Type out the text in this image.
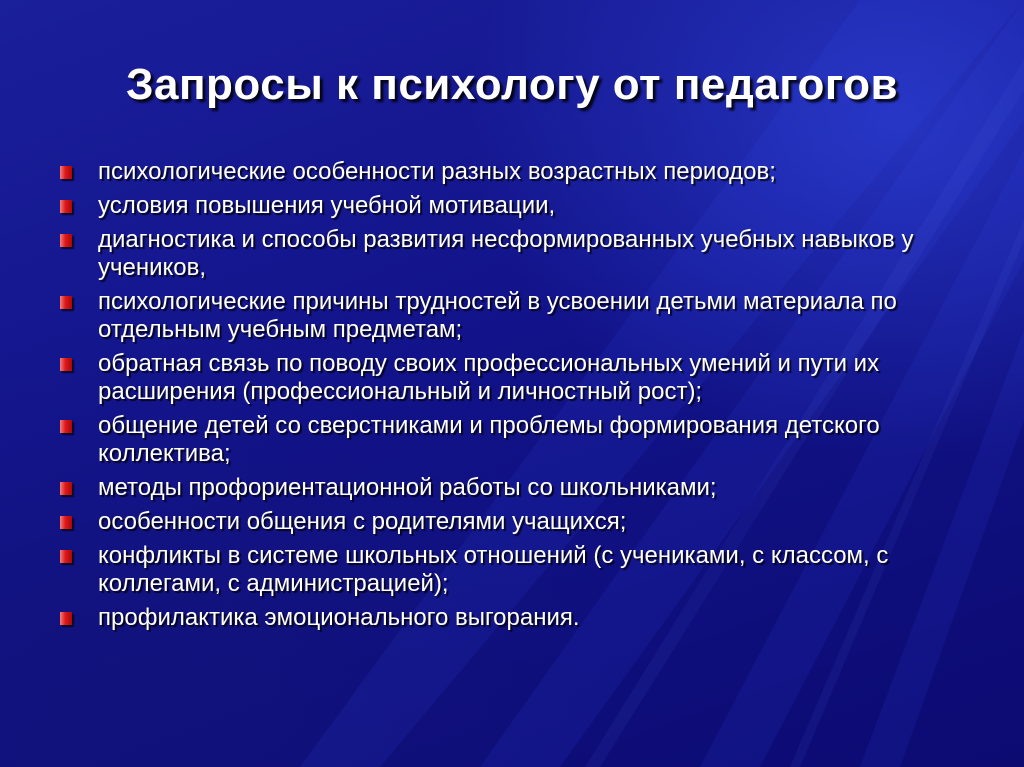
Запросы к психологу от педагогов
психологические особенности разных возрастных периодов;
условия повышения учебной мотивации,
диагностика и способы развития несформированных учебных навыков у учеников,
психологические причины трудностей в усвоении детьми материала по отдельным учебным предметам;
обратная связь по поводу своих профессиональных умений и пути их расширения (профессиональный и личностный рост);
общение детей со сверстниками и проблемы формирования детского коллектива;
методы профориентационной работы со школьниками;
особенности общения с родителями учащихся;
конфликты в системе школьных отношений (с учениками, с классом, с коллегами, с администрацией);
профилактика эмоционального выгорания.
